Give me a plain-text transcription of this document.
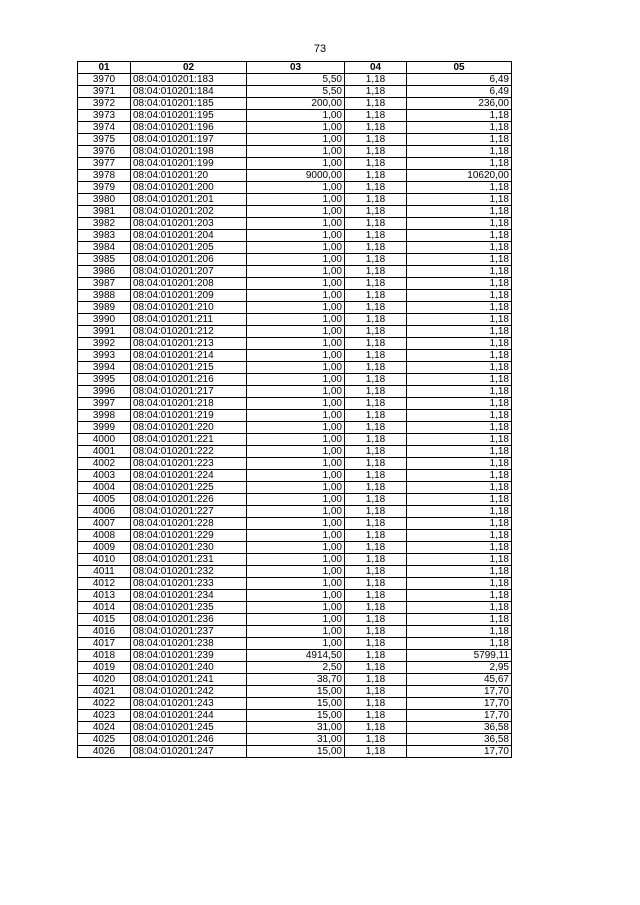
73
01	02	03	04	05
3970	08:04:010201:183	5,50	1,18	6,49
3971	08:04:010201:184	5,50	1,18	6,49
3972	08:04:010201:185	200,00	1,18	236,00
3973	08:04:010201:195	1,00	1,18	1,18
3974	08:04:010201:196	1,00	1,18	1,18
3975	08:04:010201:197	1,00	1,18	1,18
3976	08:04:010201:198	1,00	1,18	1,18
3977	08:04:010201:199	1,00	1,18	1,18
3978	08:04:010201:20	9000,00	1,18	10620,00
3979	08:04:010201:200	1,00	1,18	1,18
3980	08:04:010201:201	1,00	1,18	1,18
3981	08:04:010201:202	1,00	1,18	1,18
3982	08:04:010201:203	1,00	1,18	1,18
3983	08:04:010201:204	1,00	1,18	1,18
3984	08:04:010201:205	1,00	1,18	1,18
3985	08:04:010201:206	1,00	1,18	1,18
3986	08:04:010201:207	1,00	1,18	1,18
3987	08:04:010201:208	1,00	1,18	1,18
3988	08:04:010201:209	1,00	1,18	1,18
3989	08:04:010201:210	1,00	1,18	1,18
3990	08:04:010201:211	1,00	1,18	1,18
3991	08:04:010201:212	1,00	1,18	1,18
3992	08:04:010201:213	1,00	1,18	1,18
3993	08:04:010201:214	1,00	1,18	1,18
3994	08:04:010201:215	1,00	1,18	1,18
3995	08:04:010201:216	1,00	1,18	1,18
3996	08:04:010201:217	1,00	1,18	1,18
3997	08:04:010201:218	1,00	1,18	1,18
3998	08:04:010201:219	1,00	1,18	1,18
3999	08:04:010201:220	1,00	1,18	1,18
4000	08:04:010201:221	1,00	1,18	1,18
4001	08:04:010201:222	1,00	1,18	1,18
4002	08:04:010201:223	1,00	1,18	1,18
4003	08:04:010201:224	1,00	1,18	1,18
4004	08:04:010201:225	1,00	1,18	1,18
4005	08:04:010201:226	1,00	1,18	1,18
4006	08:04:010201:227	1,00	1,18	1,18
4007	08:04:010201:228	1,00	1,18	1,18
4008	08:04:010201:229	1,00	1,18	1,18
4009	08:04:010201:230	1,00	1,18	1,18
4010	08:04:010201:231	1,00	1,18	1,18
4011	08:04:010201:232	1,00	1,18	1,18
4012	08:04:010201:233	1,00	1,18	1,18
4013	08:04:010201:234	1,00	1,18	1,18
4014	08:04:010201:235	1,00	1,18	1,18
4015	08:04:010201:236	1,00	1,18	1,18
4016	08:04:010201:237	1,00	1,18	1,18
4017	08:04:010201:238	1,00	1,18	1,18
4018	08:04:010201:239	4914,50	1,18	5799,11
4019	08:04:010201:240	2,50	1,18	2,95
4020	08:04:010201:241	38,70	1,18	45,67
4021	08:04:010201:242	15,00	1,18	17,70
4022	08:04:010201:243	15,00	1,18	17,70
4023	08:04:010201:244	15,00	1,18	17,70
4024	08:04:010201:245	31,00	1,18	36,58
4025	08:04:010201:246	31,00	1,18	36,58
4026	08:04:010201:247	15,00	1,18	17,70
